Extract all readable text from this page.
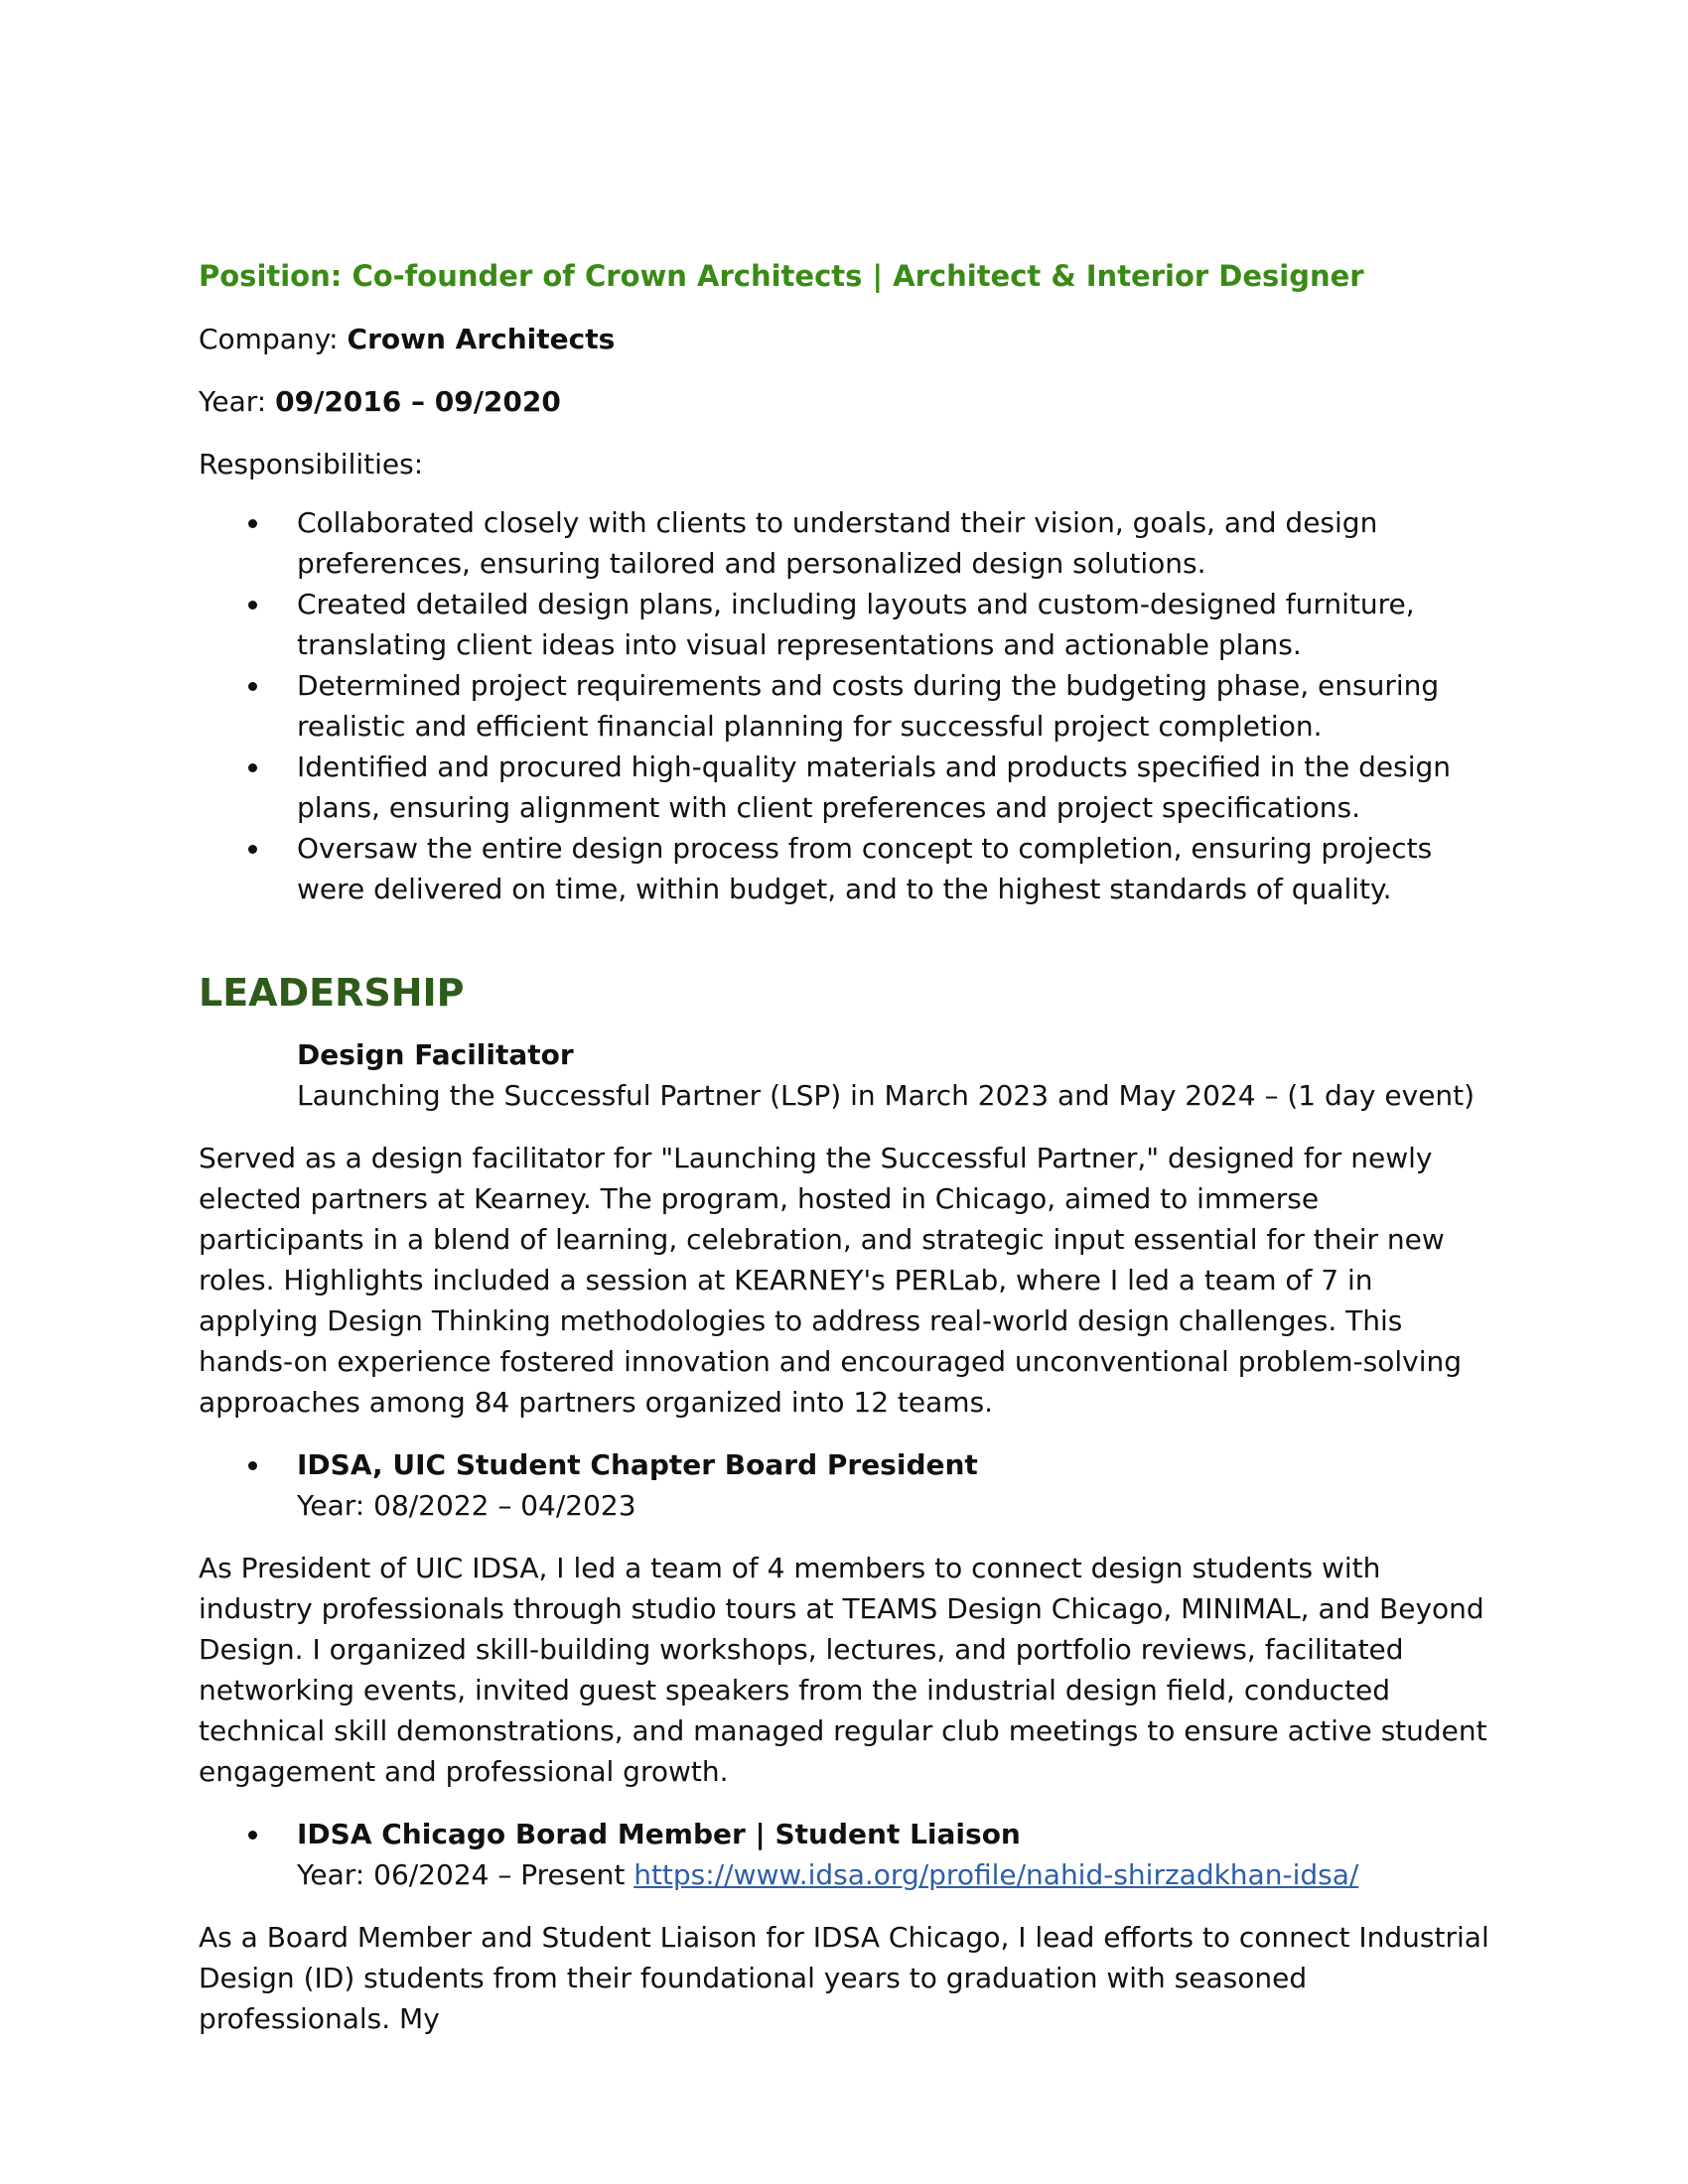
Position: Co-founder of Crown Architects | Architect & Interior Designer

Company: Crown Architects

Year: 09/2016 – 09/2020

Responsibilities:

Collaborated closely with clients to understand their vision, goals, and design preferences, ensuring tailored and personalized design solutions.
Created detailed design plans, including layouts and custom-designed furniture, translating client ideas into visual representations and actionable plans.
Determined project requirements and costs during the budgeting phase, ensuring realistic and efficient financial planning for successful project completion.
Identified and procured high-quality materials and products specified in the design plans, ensuring alignment with client preferences and project specifications.
Oversaw the entire design process from concept to completion, ensuring projects were delivered on time, within budget, and to the highest standards of quality.
LEADERSHIP

Design Facilitator

Launching the Successful Partner (LSP) in March 2023 and May 2024 – (1 day event)

Served as a design facilitator for "Launching the Successful Partner," designed for newly elected partners at Kearney. The program, hosted in Chicago, aimed to immerse participants in a blend of learning, celebration, and strategic input essential for their new roles. Highlights included a session at KEARNEY's PERLab, where I led a team of 7 in applying Design Thinking methodologies to address real-world design challenges. This hands-on experience fostered innovation and encouraged unconventional problem-solving approaches among 84 partners organized into 12 teams.

IDSA, UIC Student Chapter Board President
Year: 08/2022 – 04/2023

As President of UIC IDSA, I led a team of 4 members to connect design students with industry professionals through studio tours at TEAMS Design Chicago, MINIMAL, and Beyond Design. I organized skill-building workshops, lectures, and portfolio reviews, facilitated networking events, invited guest speakers from the industrial design field, conducted technical skill demonstrations, and managed regular club meetings to ensure active student engagement and professional growth.

IDSA Chicago Borad Member | Student Liaison
Year: 06/2024 – Present https://www.idsa.org/profile/nahid-shirzadkhan-idsa/

As a Board Member and Student Liaison for IDSA Chicago, I lead efforts to connect Industrial Design (ID) students from their foundational years to graduation with seasoned professionals. My
